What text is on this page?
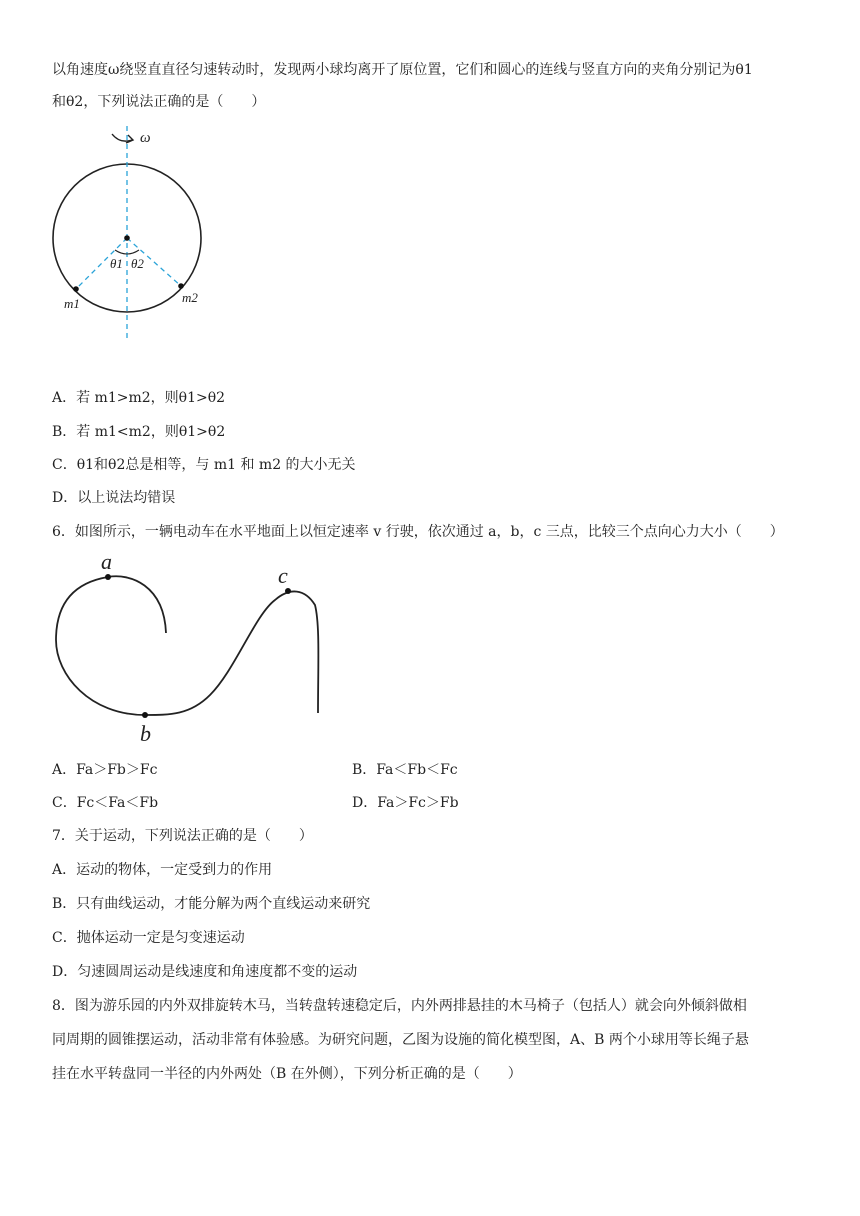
以角速度ω绕竖直直径匀速转动时，发现两小球均离开了原位置，它们和圆心的连线与竖直方向的夹角分别记为θ1
和θ2，下列说法正确的是（　　）
ω
θ1 θ2
m1	m2
A．若 m1>m2，则θ1>θ2
B．若 m1<m2，则θ1>θ2
C．θ1和θ2总是相等，与 m1 和 m2 的大小无关
D．以上说法均错误
6．如图所示，一辆电动车在水平地面上以恒定速率 v 行驶，依次通过 a，b，c 三点，比较三个点向心力大小（　　）
a
b
c
A．Fa＞Fb＞Fc	B．Fa＜Fb＜Fc
C．Fc＜Fa＜Fb	D．Fa＞Fc＞Fb
7．关于运动，下列说法正确的是（　　）
A．运动的物体，一定受到力的作用
B．只有曲线运动，才能分解为两个直线运动来研究
C．抛体运动一定是匀变速运动
D．匀速圆周运动是线速度和角速度都不变的运动
8．图为游乐园的内外双排旋转木马，当转盘转速稳定后，内外两排悬挂的木马椅子（包括人）就会向外倾斜做相
同周期的圆锥摆运动，活动非常有体验感。为研究问题，乙图为设施的简化模型图，A、B 两个小球用等长绳子悬
挂在水平转盘同一半径的内外两处（B 在外侧），下列分析正确的是（　　）
